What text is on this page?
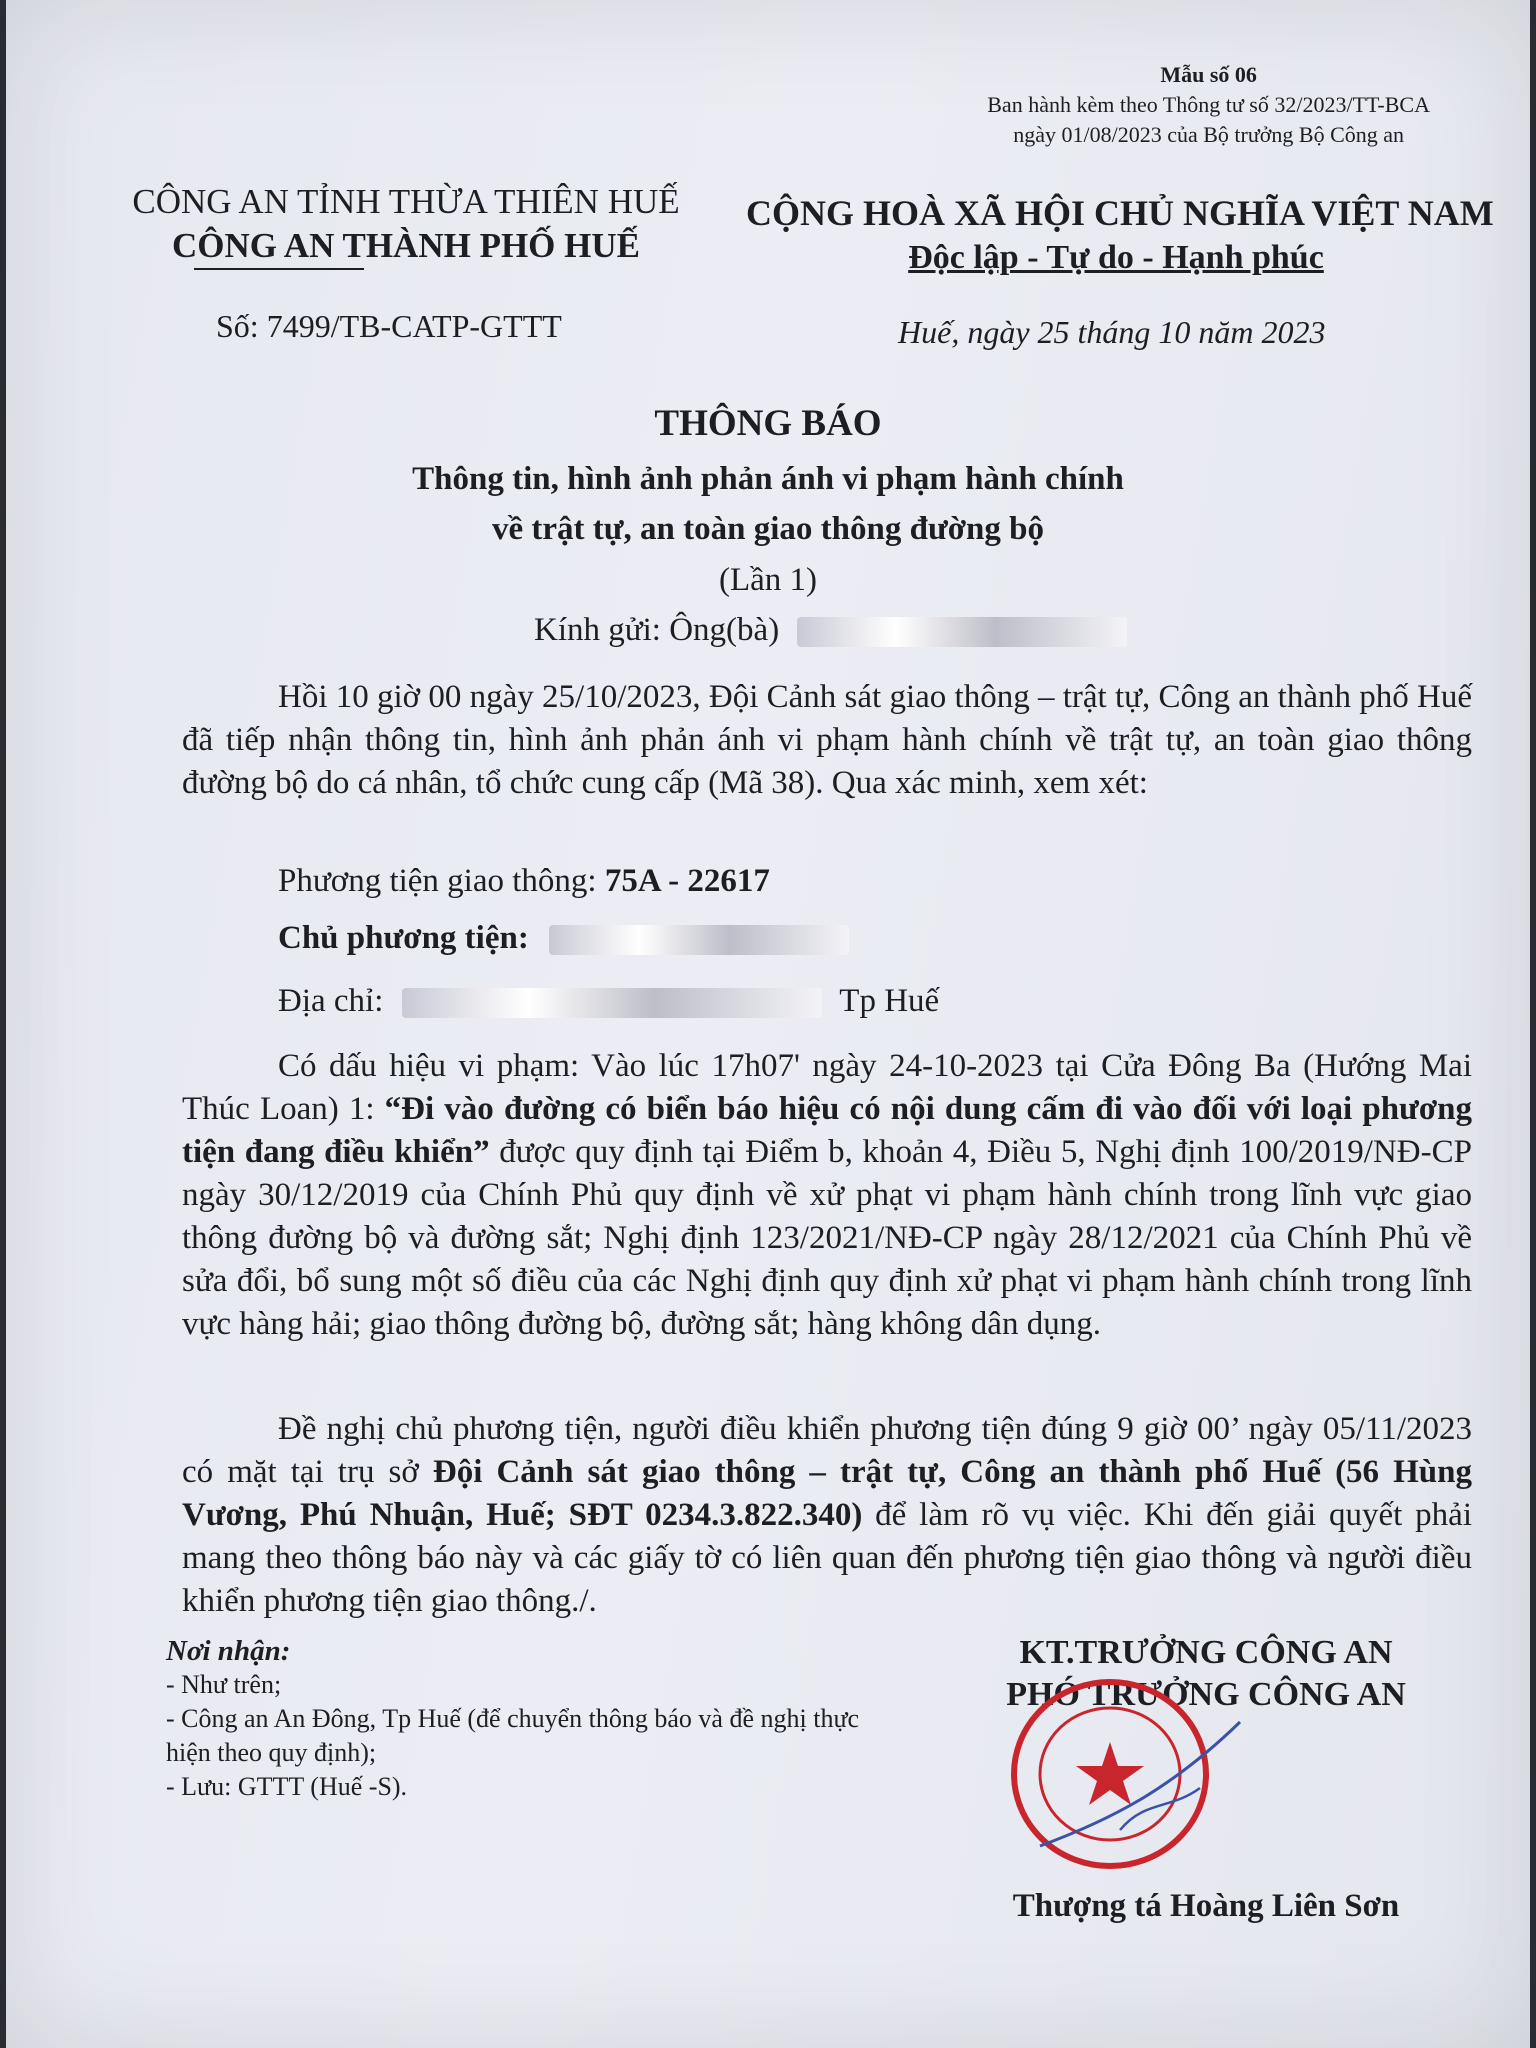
Mẫu số 06
Ban hành kèm theo Thông tư số 32/2023/TT-BCA
ngày 01/08/2023 của Bộ trưởng Bộ Công an
CÔNG AN TỈNH THỪA THIÊN HUẾ
CÔNG AN THÀNH PHỐ HUẾ
CỘNG HOÀ XÃ HỘI CHỦ NGHĨA VIỆT NAM
Độc lập - Tự do - Hạnh phúc
Số: 7499/TB-CATP-GTTT	Huế, ngày 25 tháng 10 năm 2023
THÔNG BÁO
Thông tin, hình ảnh phản ánh vi phạm hành chính
về trật tự, an toàn giao thông đường bộ
(Lần 1)
Kính gửi: Ông(bà)
Hồi 10 giờ 00 ngày 25/10/2023, Đội Cảnh sát giao thông – trật tự, Công an thành phố Huế đã tiếp nhận thông tin, hình ảnh phản ánh vi phạm hành chính về trật tự, an toàn giao thông đường bộ do cá nhân, tổ chức cung cấp (Mã 38). Qua xác minh, xem xét:
Phương tiện giao thông: 75A - 22617
Chủ phương tiện:
Địa chỉ:	Tp Huế
Có dấu hiệu vi phạm: Vào lúc 17h07' ngày 24-10-2023 tại Cửa Đông Ba (Hướng Mai Thúc Loan) 1: “Đi vào đường có biển báo hiệu có nội dung cấm đi vào đối với loại phương tiện đang điều khiển” được quy định tại Điểm b, khoản 4, Điều 5, Nghị định 100/2019/NĐ-CP ngày 30/12/2019 của Chính Phủ quy định về xử phạt vi phạm hành chính trong lĩnh vực giao thông đường bộ và đường sắt; Nghị định 123/2021/NĐ-CP ngày 28/12/2021 của Chính Phủ về sửa đổi, bổ sung một số điều của các Nghị định quy định xử phạt vi phạm hành chính trong lĩnh vực hàng hải; giao thông đường bộ, đường sắt; hàng không dân dụng.
Đề nghị chủ phương tiện, người điều khiển phương tiện đúng 9 giờ 00’ ngày 05/11/2023 có mặt tại trụ sở Đội Cảnh sát giao thông – trật tự, Công an thành phố Huế (56 Hùng Vương, Phú Nhuận, Huế; SĐT 0234.3.822.340) để làm rõ vụ việc. Khi đến giải quyết phải mang theo thông báo này và các giấy tờ có liên quan đến phương tiện giao thông và người điều khiển phương tiện giao thông./.
Nơi nhận:
- Như trên;
- Công an An Đông, Tp Huế (để chuyển thông báo và đề nghị thực hiện theo quy định);
- Lưu: GTTT (Huế -S).
KT.TRƯỞNG CÔNG AN
PHÓ TRƯỞNG CÔNG AN
Thượng tá Hoàng Liên Sơn
